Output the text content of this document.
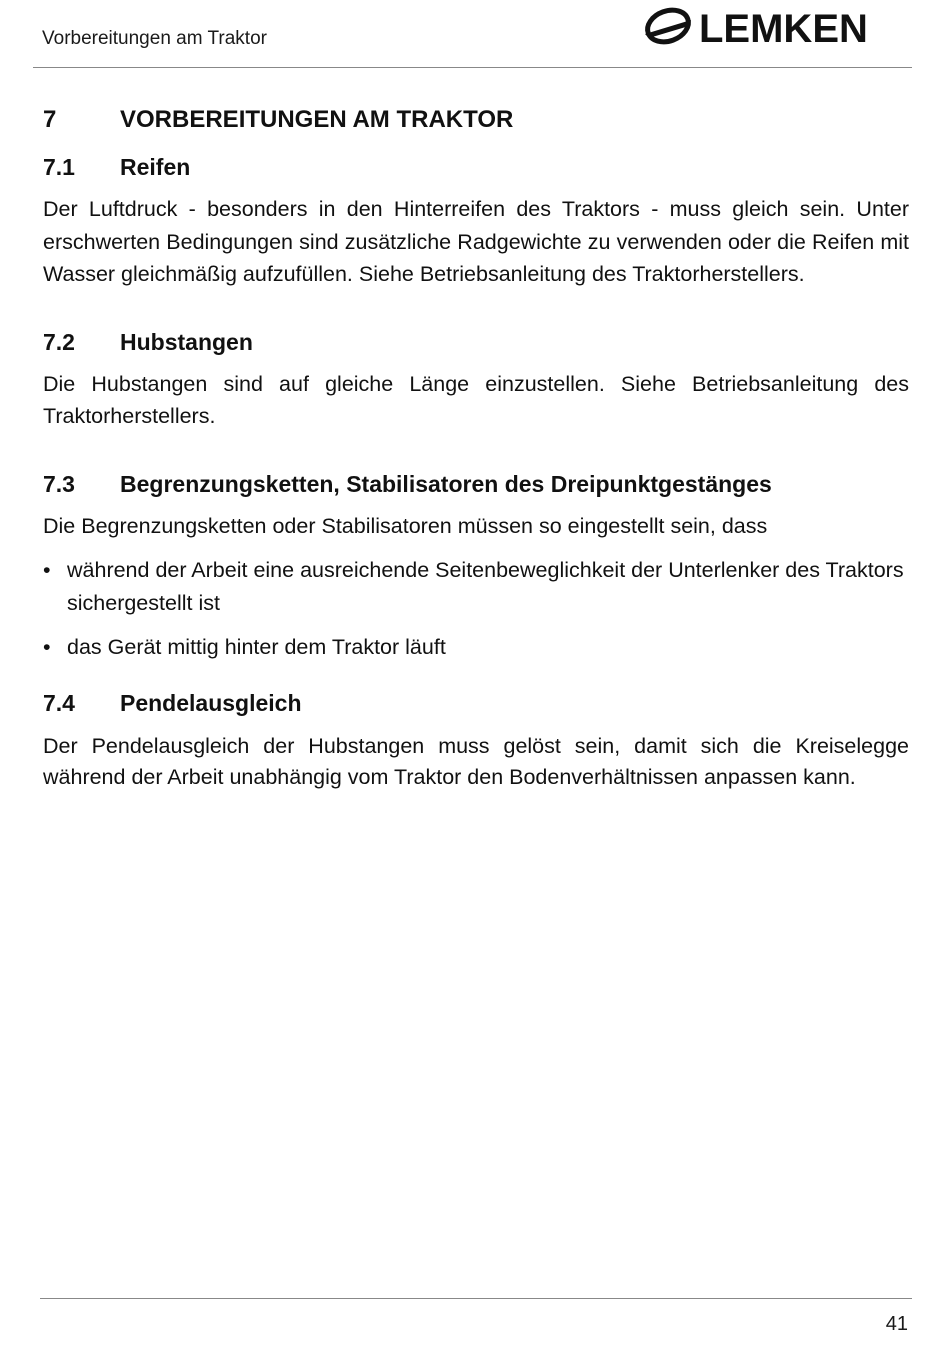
Vorbereitungen am Traktor	LEMKEN
7	VORBEREITUNGEN AM TRAKTOR
7.1	Reifen

Der Luftdruck - besonders in den Hinterreifen des Traktors - muss gleich sein. Unter erschwerten Bedingungen sind zusätzliche Radgewichte zu verwenden oder die Reifen mit Wasser gleichmäßig aufzufüllen. Siehe Betriebsanleitung des Traktorherstellers.

7.2	Hubstangen

Die Hubstangen sind auf gleiche Länge einzustellen. Siehe Betriebsanleitung des Traktorherstellers.

7.3	Begrenzungsketten, Stabilisatoren des Dreipunktgestänges

Die Begrenzungsketten oder Stabilisatoren müssen so eingestellt sein, dass

• während der Arbeit eine ausreichende Seitenbeweglichkeit der Unterlenker des Traktors sichergestellt ist
• das Gerät mittig hinter dem Traktor läuft
7.4	Pendelausgleich

Der Pendelausgleich der Hubstangen muss gelöst sein, damit sich die Kreiselegge während der Arbeit unabhängig vom Traktor den Bodenverhältnissen anpassen kann.

41
